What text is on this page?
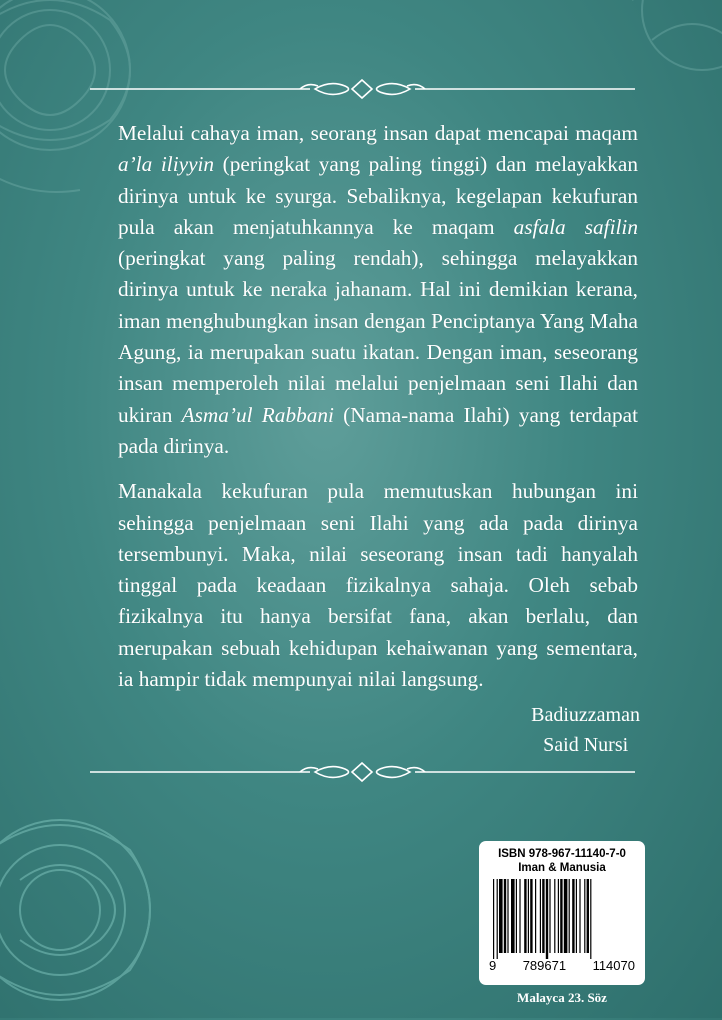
Melalui cahaya iman, seorang insan dapat mencapai maqam a’la iliyyin (peringkat yang paling tinggi) dan melayakkan dirinya untuk ke syurga. Sebaliknya, kegelapan kekufuran pula akan menjatuhkannya ke maqam asfala safilin (peringkat yang paling rendah), sehingga melayakkan dirinya untuk ke neraka jahanam. Hal ini demikian kerana, iman menghubungkan insan dengan Penciptanya Yang Maha Agung, ia merupakan suatu ikatan. Dengan iman, seseorang insan memperoleh nilai melalui penjelmaan seni Ilahi dan ukiran Asma’ul Rabbani (Nama-nama Ilahi) yang terdapat pada dirinya.

Manakala kekufuran pula memutuskan hubungan ini sehingga penjelmaan seni Ilahi yang ada pada dirinya tersembunyi. Maka, nilai seseorang insan tadi hanyalah tinggal pada keadaan fizikalnya sahaja. Oleh sebab fizikalnya itu hanya bersifat fana, akan berlalu, dan merupakan sebuah kehidupan kehaiwanan yang sementara, ia hampir tidak mempunyai nilai langsung.

Badiuzzaman
Said Nursi
ISBN 978-967-11140-7-0
Iman & Manusia
9 789671 114070
Malayca 23. Söz
